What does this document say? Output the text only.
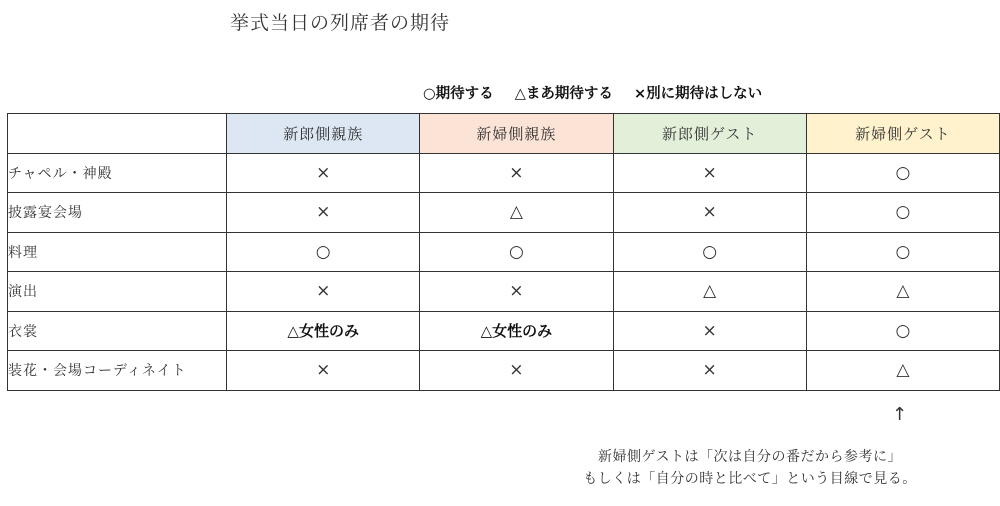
挙式当日の列席者の期待
○期待する △まあ期待する ×別に期待はしない
	新郎側親族	新婦側親族	新郎側ゲスト	新婦側ゲスト
チャペル・神殿	×	×	×	○
披露宴会場	×	△	×	○
料理	○	○	○	○
演出	×	×	△	△
衣裳	△女性のみ	△女性のみ	×	○
装花・会場コーディネイト	×	×	×	△
↑
新婦側ゲストは「次は自分の番だから参考に」
もしくは「自分の時と比べて」という目線で見る。
